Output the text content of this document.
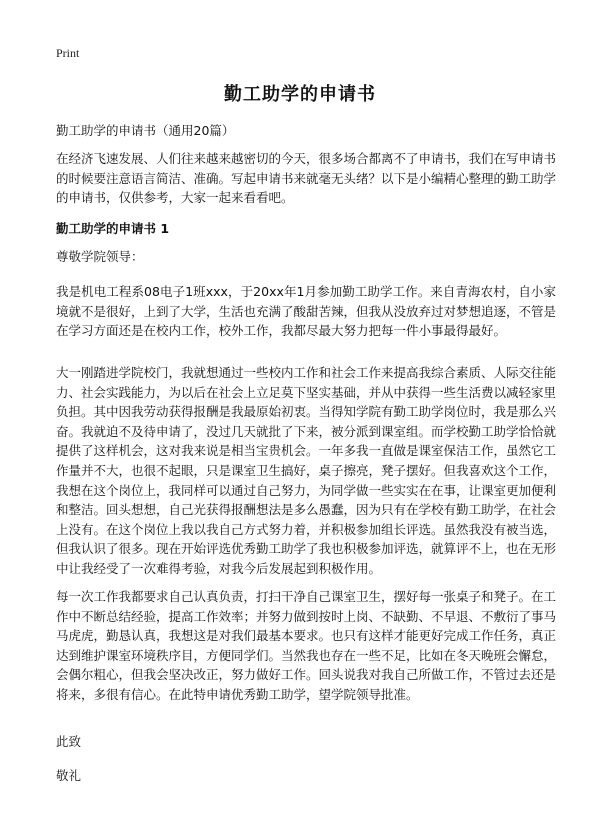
Print
勤工助学的申请书
勤工助学的申请书（通用20篇）

在经济飞速发展、人们往来越来越密切的今天，很多场合都离不了申请书，我们在写申请书的时候要注意语言简洁、准确。写起申请书来就毫无头绪？以下是小编精心整理的勤工助学的申请书，仅供参考，大家一起来看看吧。

勤工助学的申请书 1

尊敬学院领导：

我是机电工程系08电子1班xxx，于20xx年1月参加勤工助学工作。来自青海农村，自小家境就不是很好，上到了大学，生活也充满了酸甜苦辣，但我从没放弃过对梦想追逐，不管是在学习方面还是在校内工作，校外工作，我都尽最大努力把每一件小事最得最好。

大一刚踏进学院校门，我就想通过一些校内工作和社会工作来提高我综合素质、人际交往能力、社会实践能力，为以后在社会上立足莫下坚实基础，并从中获得一些生活费以减轻家里负担。其中因我劳动获得报酬是我最原始初衷。当得知学院有勤工助学岗位时，我是那么兴奋。我就迫不及待申请了，没过几天就批了下来，被分派到课室组。而学校勤工助学恰恰就提供了这样机会，这对我来说是相当宝贵机会。一年多我一直做是课室保洁工作，虽然它工作量并不大，也很不起眼，只是课室卫生搞好，桌子擦亮，凳子摆好。但我喜欢这个工作，我想在这个岗位上，我同样可以通过自己努力，为同学做一些实实在在事，让课室更加便利和整洁。回头想想，自己光获得报酬想法是多么愚蠢，因为只有在学校有勤工助学，在社会上没有。在这个岗位上我以我自己方式努力着，并积极参加组长评选。虽然我没有被当选，但我认识了很多。现在开始评选优秀勤工助学了我也积极参加评选，就算评不上，也在无形中让我经受了一次难得考验，对我今后发展起到积极作用。

每一次工作我都要求自己认真负责，打扫干净自己课室卫生，摆好每一张桌子和凳子。在工作中不断总结经验，提高工作效率；并努力做到按时上岗、不缺勤、不早退、不敷衍了事马马虎虎，勤恳认真，我想这是对我们最基本要求。也只有这样才能更好完成工作任务，真正达到维护课室环境秩序目，方便同学们。当然我也存在一些不足，比如在冬天晚班会懈怠，会偶尔粗心，但我会坚决改正，努力做好工作。回头说我对我自己所做工作，不管过去还是将来，多很有信心。在此特申请优秀勤工助学，望学院领导批准。

此致

敬礼
